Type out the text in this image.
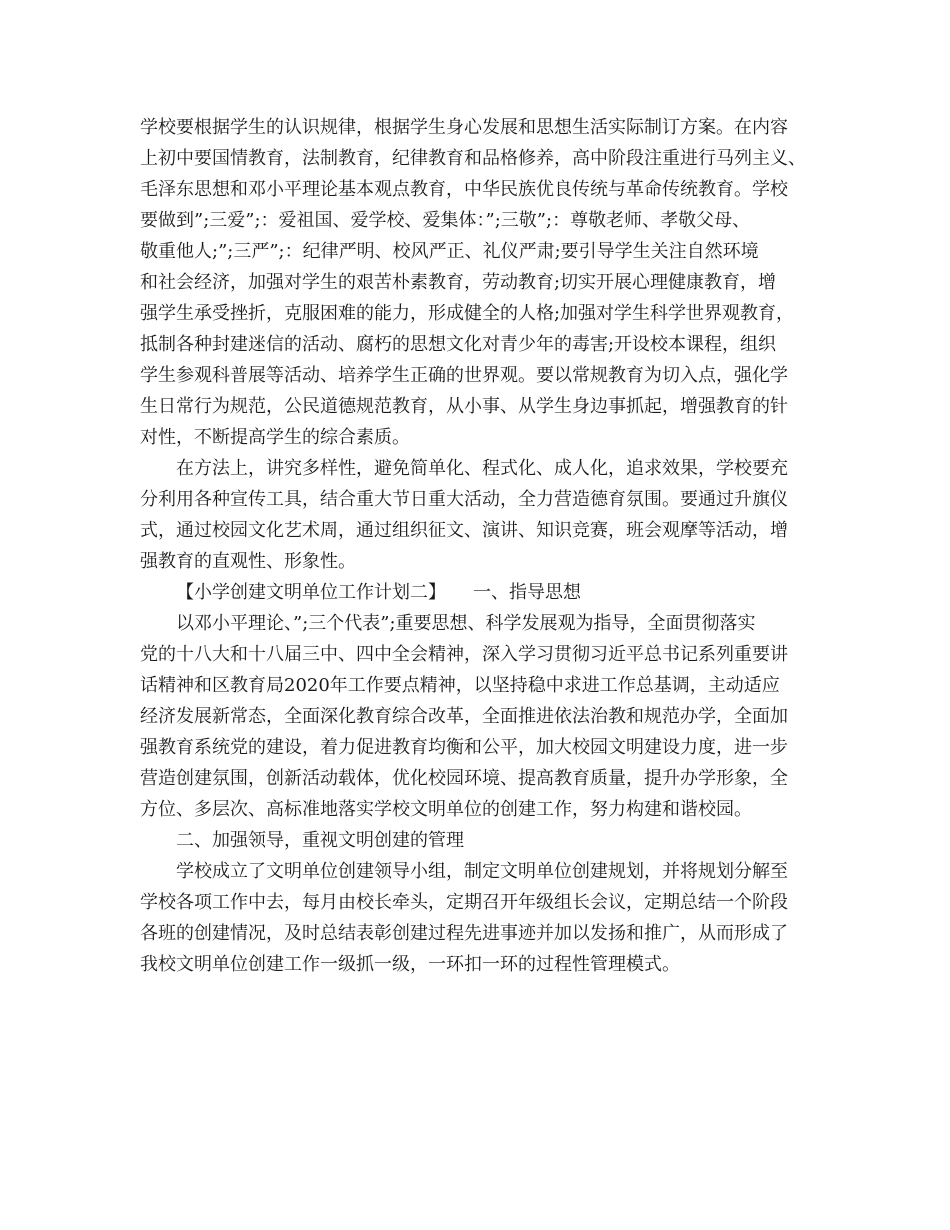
学校要根据学生的认识规律，根据学生身心发展和思想生活实际制订方案。在内容
上初中要国情教育，法制教育，纪律教育和品格修养，高中阶段注重进行马列主义、
毛泽东思想和邓小平理论基本观点教育，中华民族优良传统与革命传统教育。学校
要做到”;三爱”;：爱祖国、爱学校、爱集体：”;三敬”;：尊敬老师、孝敬父母、
敬重他人;”;三严”;：纪律严明、校风严正、礼仪严肃;要引导学生关注自然环境
和社会经济，加强对学生的艰苦朴素教育，劳动教育;切实开展心理健康教育，增
强学生承受挫折，克服困难的能力，形成健全的人格;加强对学生科学世界观教育，
抵制各种封建迷信的活动、腐朽的思想文化对青少年的毒害;开设校本课程，组织
学生参观科普展等活动、培养学生正确的世界观。要以常规教育为切入点，强化学
生日常行为规范，公民道德规范教育，从小事、从学生身边事抓起，增强教育的针
对性，不断提高学生的综合素质。
在方法上，讲究多样性，避免简单化、程式化、成人化，追求效果，学校要充
分利用各种宣传工具，结合重大节日重大活动，全力营造德育氛围。要通过升旗仪
式，通过校园文化艺术周，通过组织征文、演讲、知识竞赛，班会观摩等活动，增
强教育的直观性、形象性。
【小学创建文明单位工作计划二】　　一、指导思想
以邓小平理论、”;三个代表”;重要思想、科学发展观为指导，全面贯彻落实
党的十八大和十八届三中、四中全会精神，深入学习贯彻习近平总书记系列重要讲
话精神和区教育局2020年工作要点精神，以坚持稳中求进工作总基调，主动适应
经济发展新常态，全面深化教育综合改革，全面推进依法治教和规范办学，全面加
强教育系统党的建设，着力促进教育均衡和公平，加大校园文明建设力度，进一步
营造创建氛围，创新活动载体，优化校园环境、提高教育质量，提升办学形象，全
方位、多层次、高标准地落实学校文明单位的创建工作，努力构建和谐校园。
二、加强领导，重视文明创建的管理
学校成立了文明单位创建领导小组，制定文明单位创建规划，并将规划分解至
学校各项工作中去，每月由校长牵头，定期召开年级组长会议，定期总结一个阶段
各班的创建情况，及时总结表彰创建过程先进事迹并加以发扬和推广，从而形成了
我校文明单位创建工作一级抓一级，一环扣一环的过程性管理模式。
